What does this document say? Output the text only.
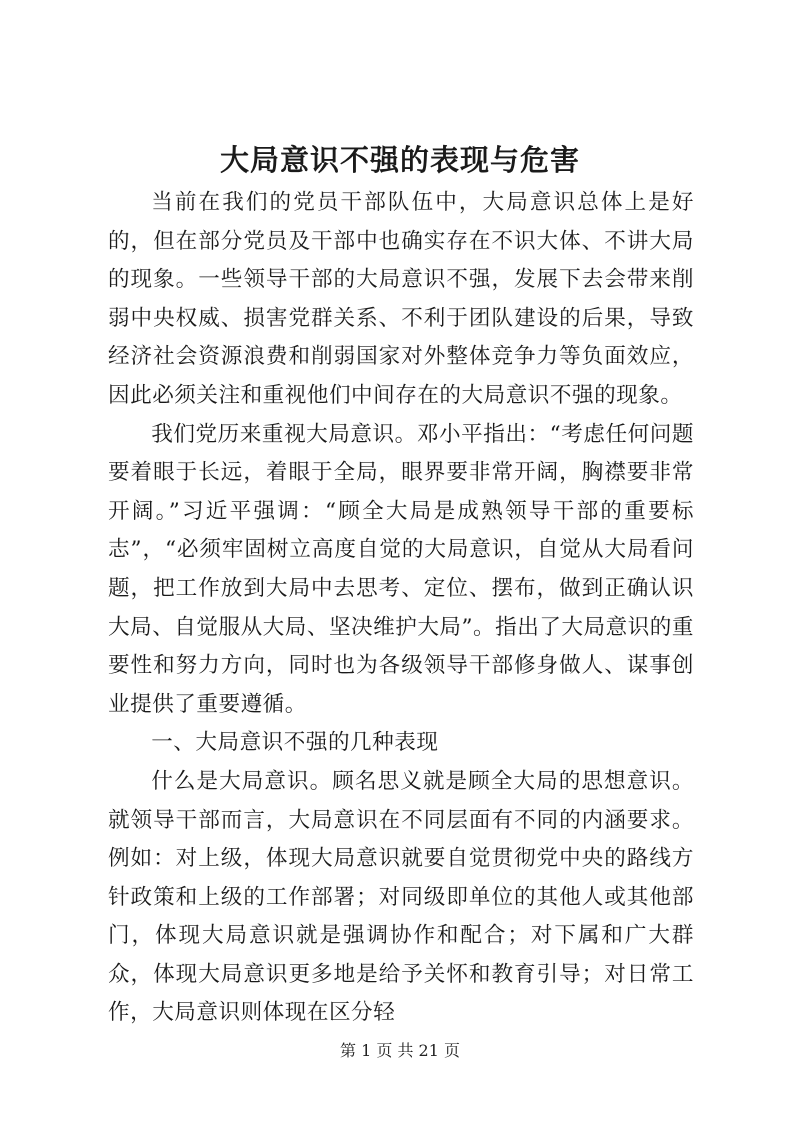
大局意识不强的表现与危害

当前在我们的党员干部队伍中，大局意识总体上是好的，但在部分党员及干部中也确实存在不识大体、不讲大局的现象。一些领导干部的大局意识不强，发展下去会带来削弱中央权威、损害党群关系、不利于团队建设的后果，导致经济社会资源浪费和削弱国家对外整体竞争力等负面效应，因此必须关注和重视他们中间存在的大局意识不强的现象。

我们党历来重视大局意识。邓小平指出：“考虑任何问题要着眼于长远，着眼于全局，眼界要非常开阔，胸襟要非常开阔。”习近平强调：“顾全大局是成熟领导干部的重要标志”，“必须牢固树立高度自觉的大局意识，自觉从大局看问题，把工作放到大局中去思考、定位、摆布，做到正确认识大局、自觉服从大局、坚决维护大局”。指出了大局意识的重要性和努力方向，同时也为各级领导干部修身做人、谋事创业提供了重要遵循。

一、大局意识不强的几种表现

什么是大局意识。顾名思义就是顾全大局的思想意识。就领导干部而言，大局意识在不同层面有不同的内涵要求。例如：对上级，体现大局意识就要自觉贯彻党中央的路线方针政策和上级的工作部署；对同级即单位的其他人或其他部门，体现大局意识就是强调协作和配合；对下属和广大群众，体现大局意识更多地是给予关怀和教育引导；对日常工作，大局意识则体现在区分轻

第 1 页 共 21 页
